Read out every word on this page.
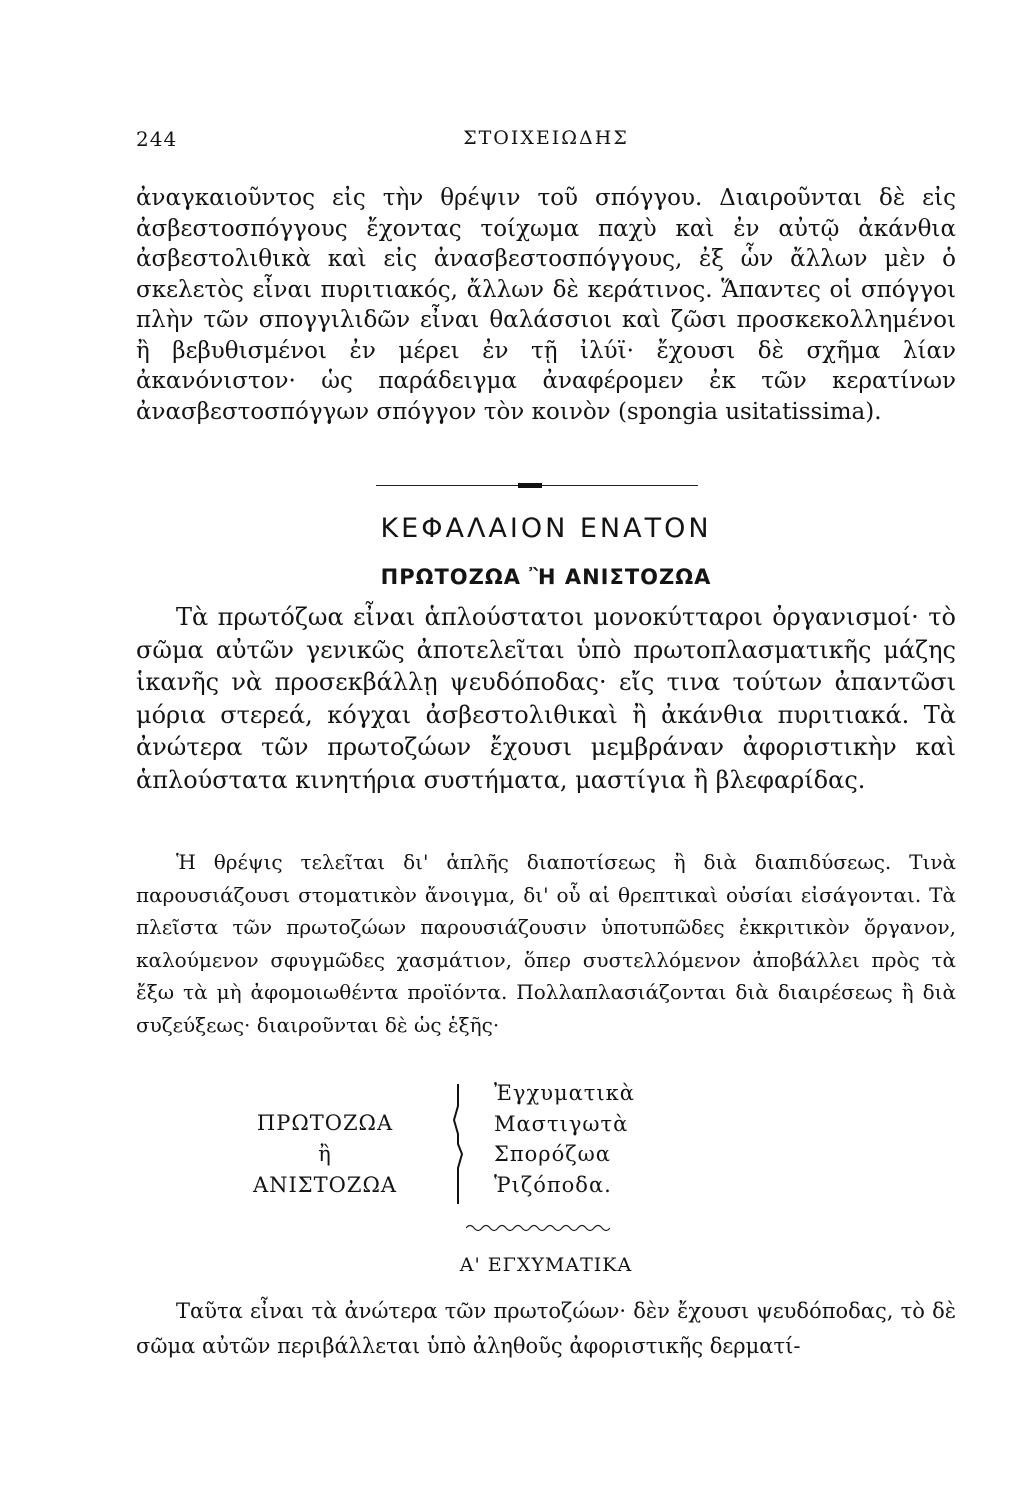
244	ΣΤΟΙΧΕΙΩΔΗΣ
ἀναγκαιοῦντος εἰς τὴν θρέψιν τοῦ σπόγγου. Διαιροῦνται δὲ εἰς ἀσβεστοσπόγγους ἔχοντας τοίχωμα παχὺ καὶ ἐν αὐτῷ ἀκάνθια ἀσβεστολιθικὰ καὶ εἰς ἀνασβεστοσπόγγους, ἐξ ὧν ἄλλων μὲν ὁ σκελετὸς εἶναι πυριτιακός, ἄλλων δὲ κεράτινος. Ἅπαντες οἱ σπόγγοι πλὴν τῶν σπογγιλιδῶν εἶναι θαλάσσιοι καὶ ζῶσι προσκεκολλημένοι ἢ βεβυθισμένοι ἐν μέρει ἐν τῇ ἰλύϊ· ἔχουσι δὲ σχῆμα λίαν ἀκανόνιστον· ὡς παράδειγμα ἀναφέρομεν ἐκ τῶν κερατίνων ἀνασβεστοσπόγγων σπόγγον τὸν κοινὸν (spongia usitatissima).
ΚΕΦΑΛΑΙΟΝ ΕΝΑΤΟΝ
ΠΡΩΤΟΖΩΑ Ἢ ΑΝΙΣΤΟΖΩΑ
Τὰ πρωτόζωα εἶναι ἁπλούστατοι μονοκύτταροι ὀργανισμοί· τὸ σῶμα αὐτῶν γενικῶς ἀποτελεῖται ὑπὸ πρωτοπλασματικῆς μάζης ἱκανῆς νὰ προσεκβάλλῃ ψευδόποδας· εἴς τινα τούτων ἀπαντῶσι μόρια στερεά, κόγχαι ἀσβεστολιθικαὶ ἢ ἀκάνθια πυριτιακά. Τὰ ἀνώτερα τῶν πρωτοζώων ἔχουσι μεμβράναν ἀφοριστικὴν καὶ ἁπλούστατα κινητήρια συστήματα, μαστίγια ἢ βλεφαρίδας.
Ἡ θρέψις τελεῖται δι' ἁπλῆς διαποτίσεως ἢ διὰ διαπιδύσεως. Τινὰ παρουσιάζουσι στοματικὸν ἄνοιγμα, δι' οὗ αἱ θρεπτικαὶ οὐσίαι εἰσάγονται. Τὰ πλεῖστα τῶν πρωτοζώων παρουσιάζουσιν ὑποτυπῶδες ἐκκριτικὸν ὄργανον, καλούμενον σφυγμῶδες χασμάτιον, ὅπερ συστελλόμενον ἀποβάλλει πρὸς τὰ ἔξω τὰ μὴ ἀφομοιωθέντα προϊόντα. Πολλαπλασιάζονται διὰ διαιρέσεως ἢ διὰ συζεύξεως· διαιροῦνται δὲ ὡς ἑξῆς·
ΠΡΩΤΟΖΩΑ
ἢ
ΑΝΙΣΤΟΖΩΑ
Ἐγχυματικὰ
Μαστιγωτὰ
Σπορόζωα
Ῥιζόποδα.
Α' ΕΓΧΥΜΑΤΙΚΑ
Ταῦτα εἶναι τὰ ἀνώτερα τῶν πρωτοζώων· δὲν ἔχουσι ψευδόποδας, τὸ δὲ σῶμα αὐτῶν περιβάλλεται ὑπὸ ἀληθοῦς ἀφοριστικῆς δερματί-
